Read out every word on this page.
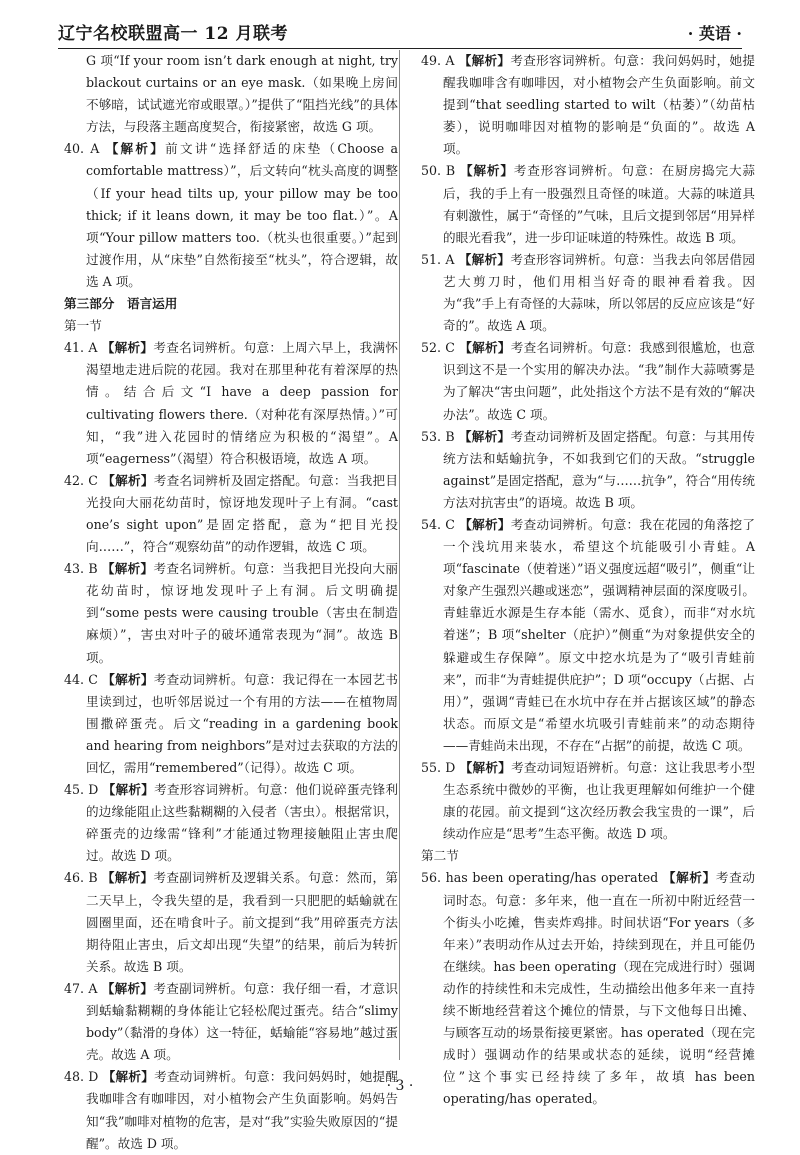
辽宁名校联盟高一 12 月联考	· 英语 ·

G 项“If your room isn’t dark enough at night, try blackout curtains or an eye mask.（如果晚上房间不够暗，试试遮光帘或眼罩。）”提供了“阻挡光线”的具体方法，与段落主题高度契合，衔接紧密，故选 G 项。

40. A 【解析】前文讲“选择舒适的床垫（Choose a comfortable mattress）”，后文转向“枕头高度的调整（If your head tilts up, your pillow may be too thick; if it leans down, it may be too flat.）”。A 项“Your pillow matters too.（枕头也很重要。）”起到过渡作用，从“床垫”自然衔接至“枕头”，符合逻辑，故选 A 项。

第三部分　语言运用

第一节

41. A 【解析】考查名词辨析。句意：上周六早上，我满怀渴望地走进后院的花园。我对在那里种花有着深厚的热情。结合后文“I have a deep passion for cultivating flowers there.（对种花有深厚热情。）”可知，“我”进入花园时的情绪应为积极的“渴望”。A 项“eagerness”（渴望）符合积极语境，故选 A 项。

42. C 【解析】考查名词辨析及固定搭配。句意：当我把目光投向大丽花幼苗时，惊讶地发现叶子上有洞。“cast one’s sight upon”是固定搭配，意为“把目光投向……”，符合“观察幼苗”的动作逻辑，故选 C 项。

43. B 【解析】考查名词辨析。句意：当我把目光投向大丽花幼苗时，惊讶地发现叶子上有洞。后文明确提到“some pests were causing trouble（害虫在制造麻烦）”，害虫对叶子的破坏通常表现为“洞”。故选 B 项。

44. C 【解析】考查动词辨析。句意：我记得在一本园艺书里读到过，也听邻居说过一个有用的方法——在植物周围撒碎蛋壳。后文“reading in a gardening book and hearing from neighbors”是对过去获取的方法的回忆，需用“remembered”（记得）。故选 C 项。

45. D 【解析】考查形容词辨析。句意：他们说碎蛋壳锋利的边缘能阻止这些黏糊糊的入侵者（害虫）。根据常识，碎蛋壳的边缘需“锋利”才能通过物理接触阻止害虫爬过。故选 D 项。

46. B 【解析】考查副词辨析及逻辑关系。句意：然而，第二天早上，令我失望的是，我看到一只肥肥的蛞蝓就在圆圈里面，还在啃食叶子。前文提到“我”用碎蛋壳方法期待阻止害虫，后文却出现“失望”的结果，前后为转折关系。故选 B 项。

47. A 【解析】考查副词辨析。句意：我仔细一看，才意识到蛞蝓黏糊糊的身体能让它轻松爬过蛋壳。结合“slimy body”（黏滑的身体）这一特征，蛞蝓能“容易地”越过蛋壳。故选 A 项。

48. D 【解析】考查动词辨析。句意：我问妈妈时，她提醒我咖啡含有咖啡因，对小植物会产生负面影响。妈妈告知“我”咖啡对植物的危害，是对“我”实验失败原因的“提醒”。故选 D 项。

49. A 【解析】考查形容词辨析。句意：我问妈妈时，她提醒我咖啡含有咖啡因，对小植物会产生负面影响。前文提到“that seedling started to wilt（枯萎）”（幼苗枯萎），说明咖啡因对植物的影响是“负面的”。故选 A 项。

50. B 【解析】考查形容词辨析。句意：在厨房捣完大蒜后，我的手上有一股强烈且奇怪的味道。大蒜的味道具有刺激性，属于“奇怪的”气味，且后文提到邻居“用异样的眼光看我”，进一步印证味道的特殊性。故选 B 项。

51. A 【解析】考查形容词辨析。句意：当我去向邻居借园艺大剪刀时，他们用相当好奇的眼神看着我。因为“我”手上有奇怪的大蒜味，所以邻居的反应应该是“好奇的”。故选 A 项。

52. C 【解析】考查名词辨析。句意：我感到很尴尬，也意识到这不是一个实用的解决办法。“我”制作大蒜喷雾是为了解决“害虫问题”，此处指这个方法不是有效的“解决办法”。故选 C 项。

53. B 【解析】考查动词辨析及固定搭配。句意：与其用传统方法和蛞蝓抗争，不如我到它们的天敌。“struggle against”是固定搭配，意为“与……抗争”，符合“用传统方法对抗害虫”的语境。故选 B 项。

54. C 【解析】考查动词辨析。句意：我在花园的角落挖了一个浅坑用来装水，希望这个坑能吸引小青蛙。A 项“fascinate（使着迷）”语义强度远超“吸引”，侧重“让对象产生强烈兴趣或迷恋”，强调精神层面的深度吸引。青蛙靠近水源是生存本能（需水、觅食），而非“对水坑着迷”；B 项“shelter（庇护）”侧重“为对象提供安全的躲避或生存保障”。原文中挖水坑是为了“吸引青蛙前来”，而非“为青蛙提供庇护”；D 项“occupy（占据、占用）”，强调“青蛙已在水坑中存在并占据该区域”的静态状态。而原文是“希望水坑吸引青蛙前来”的动态期待——青蛙尚未出现，不存在“占据”的前提，故选 C 项。

55. D 【解析】考查动词短语辨析。句意：这让我思考小型生态系统中微妙的平衡，也让我更理解如何维护一个健康的花园。前文提到“这次经历教会我宝贵的一课”，后续动作应是“思考”生态平衡。故选 D 项。

第二节

56. has been operating/has operated 【解析】考查动词时态。句意：多年来，他一直在一所初中附近经营一个街头小吃摊，售卖炸鸡排。时间状语“For years（多年来）”表明动作从过去开始，持续到现在，并且可能仍在继续。has been operating（现在完成进行时）强调动作的持续性和未完成性，生动描绘出他多年来一直持续不断地经营着这个摊位的情景，与下文他每日出摊、与顾客互动的场景衔接更紧密。has operated（现在完成时）强调动作的结果或状态的延续，说明“经营摊位”这个事实已经持续了多年，故填 has been operating/has operated。

· 3 ·
